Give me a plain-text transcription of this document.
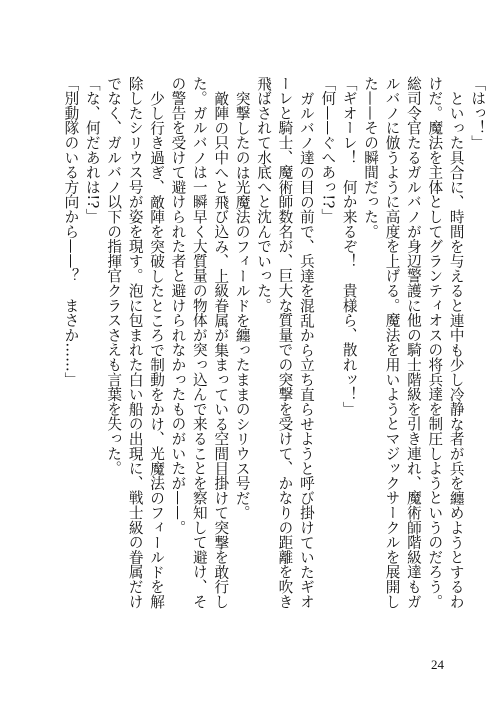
「はっ！」

といった具合に、時間を与えると連中も少し冷静な者が兵を纏めようとするわけだ。魔法を主体としてグランティオスの将兵達を制圧しようというのだろう。

総司令官たるガルバノが身辺警護に他の騎士階級を引き連れ、魔術師階級達もガルバノに倣うように高度を上げる。魔法を用いようとマジックサークルを展開した——その瞬間だった。

「ギオーレ！　何か来るぞ！　貴様ら、散れッ！」

「何——ぐへあっ!?」

ガルバノ達の目の前で、兵達を混乱から立ち直らせようと呼び掛けていたギオーレと騎士、魔術師数名が、巨大な質量での突撃を受けて、かなりの距離を吹き飛ばされて水底へと沈んでいった。

突撃したのは光魔法のフィールドを纏ったままのシリウス号だ。

敵陣の只中へと飛び込み、上級眷属が集まっている空間目掛けて突撃を敢行した。ガルバノは一瞬早く大質量の物体が突っ込んで来ることを察知して避け、その警告を受けて避けられた者と避けられなかったものがいたが——。

少し行き過ぎ、敵陣を突破したところで制動をかけ、光魔法のフィールドを解除したシリウス号が姿を現す。泡に包まれた白い船の出現に、戦士級の眷属だけでなく、ガルバノ以下の指揮官クラスさえも言葉を失った。

「な、何だあれは!?」

「別動隊のいる方向から——？　まさか……」

24
